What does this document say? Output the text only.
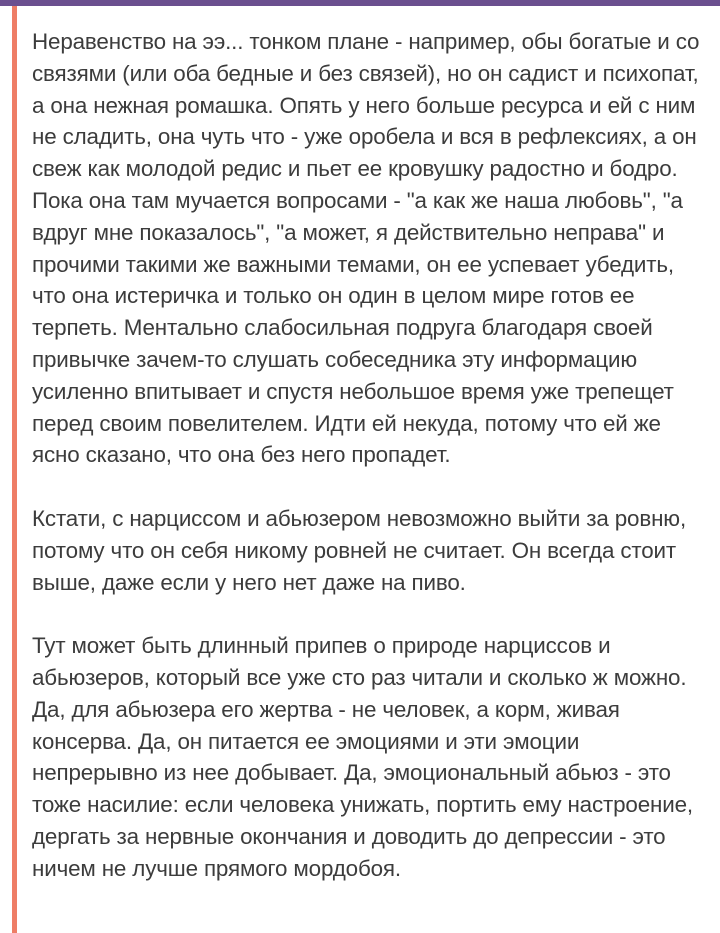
Неравенство на ээ... тонком плане - например, обы богатые и со связями (или оба бедные и без связей), но он садист и психопат, а она нежная ромашка. Опять у него больше ресурса и ей с ним не сладить, она чуть что - уже оробела и вся в рефлексиях, а он свеж как молодой редис и пьет ее кровушку радостно и бодро. Пока она там мучается вопросами - "а как же наша любовь", "а вдруг мне показалось", "а может, я действительно неправа" и прочими такими же важными темами, он ее успевает убедить, что она истеричка и только он один в целом мире готов ее терпеть. Ментально слабосильная подруга благодаря своей привычке зачем-то слушать собеседника эту информацию усиленно впитывает и спустя небольшое время уже трепещет перед своим повелителем. Идти ей некуда, потому что ей же ясно сказано, что она без него пропадет.

Кстати, с нарциссом и абьюзером невозможно выйти за ровню, потому что он себя никому ровней не считает. Он всегда стоит выше, даже если у него нет даже на пиво.

Тут может быть длинный припев о природе нарциссов и абьюзеров, который все уже сто раз читали и сколько ж можно. Да, для абьюзера его жертва - не человек, а корм, живая консерва. Да, он питается ее эмоциями и эти эмоции непрерывно из нее добывает. Да, эмоциональный абьюз - это тоже насилие: если человека унижать, портить ему настроение, дергать за нервные окончания и доводить до депрессии - это ничем не лучше прямого мордобоя.
